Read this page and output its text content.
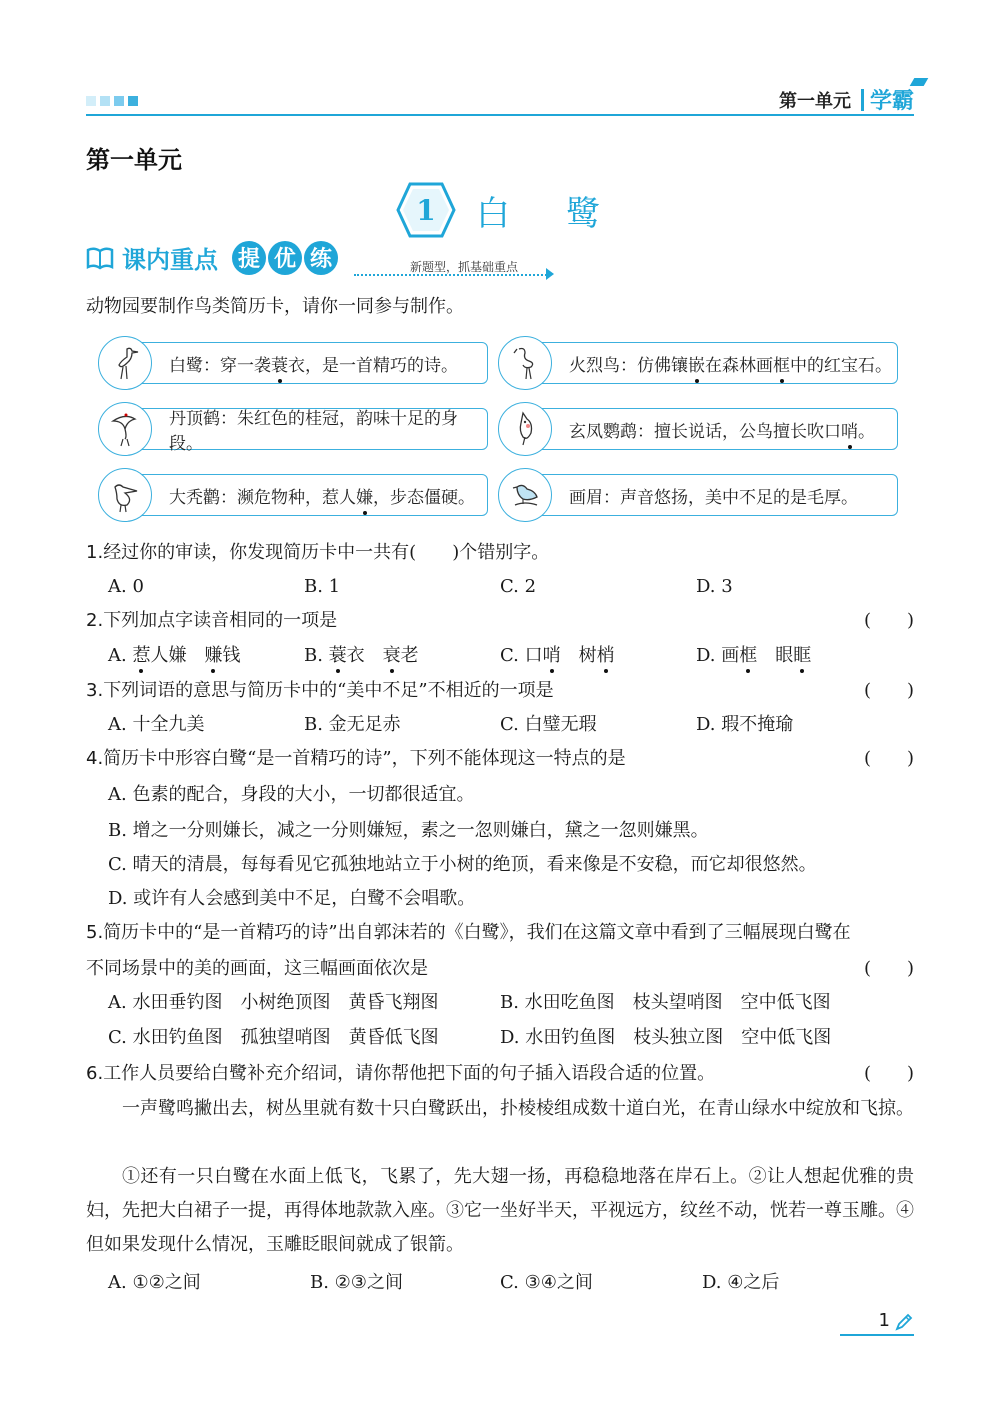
第一单元 学霸
第一单元
1	白鹭
课内重点 提 优 练	新题型，抓基础重点
动物园要制作鸟类简历卡，请你一同参与制作。
白鹭：穿一袭 蓑 衣，是一首精巧的诗。	火烈鸟：仿佛镶 嵌 在森林画 框 中的红宝石。
丹顶鹤：朱红色的桂冠，韵味十足的身段。
玄凤鹦鹉：擅长说话，公鸟擅长吹口 哨 。
大秃鹳：濒危物种，惹人 嫌 ，步态僵硬。	画眉：声音悠扬，美中不足的是毛厚。
1.经过你的审读，你发现简历卡中一共有(　　)个错别字。
A. 0	B. 1	C. 2	D. 3
2.下列加点字读音相同的一项是	(　　)
A. 惹人嫌　赚钱	B. 蓑衣　衰老	C. 口哨　树梢	D. 画框　眼眶
3.下列词语的意思与简历卡中的“美中不足”不相近的一项是	(　　)
A. 十全九美	B. 金无足赤	C. 白璧无瑕	D. 瑕不掩瑜
4.简历卡中形容白鹭“是一首精巧的诗”，下列不能体现这一特点的是	(　　)
A. 色素的配合，身段的大小，一切都很适宜。
B. 增之一分则嫌长，减之一分则嫌短，素之一忽则嫌白，黛之一忽则嫌黑。
C. 晴天的清晨，每每看见它孤独地站立于小树的绝顶，看来像是不安稳，而它却很悠然。
D. 或许有人会感到美中不足，白鹭不会唱歌。
5.简历卡中的“是一首精巧的诗”出自郭沫若的《白鹭》，我们在这篇文章中看到了三幅展现白鹭在
不同场景中的美的画面，这三幅画面依次是	(　　)
A. 水田垂钓图　小树绝顶图　黄昏飞翔图	B. 水田吃鱼图　枝头望哨图　空中低飞图
C. 水田钓鱼图　孤独望哨图　黄昏低飞图	D. 水田钓鱼图　枝头独立图　空中低飞图
6.工作人员要给白鹭补充介绍词，请你帮他把下面的句子插入语段合适的位置。	(　　)
一声鹭鸣撇出去，树丛里就有数十只白鹭跃出，扑棱棱组成数十道白光，在青山绿水中绽放和飞掠。
①还有一只白鹭在水面上低飞，飞累了，先大翅一扬，再稳稳地落在岸石上。②让人想起优雅的贵妇，先把大白裙子一提，再得体地款款入座。③它一坐好半天，平视远方，纹丝不动，恍若一尊玉雕。④但如果发现什么情况，玉雕眨眼间就成了银箭。
A. ①②之间	B. ②③之间	C. ③④之间	D. ④之后
1
